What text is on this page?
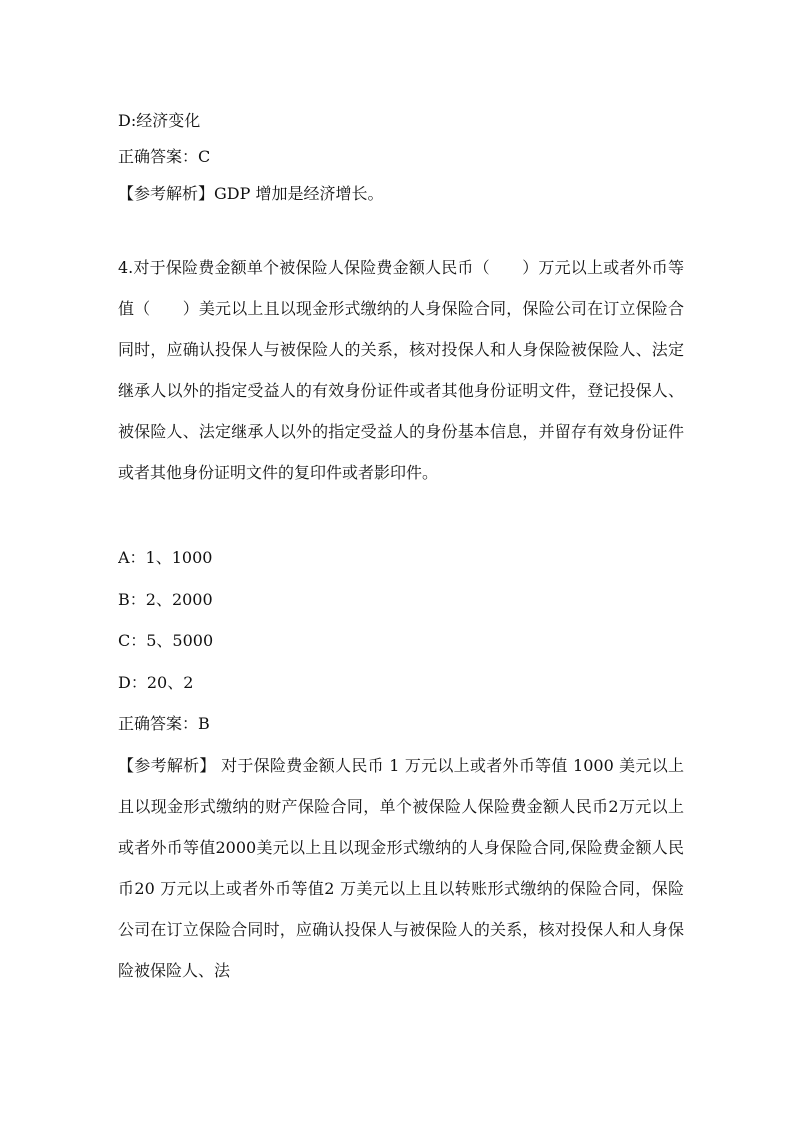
D:经济变化
正确答案：C
【参考解析】GDP 增加是经济增长。
4.对于保险费金额单个被保险人保险费金额人民币（　　）万元以上或者外币等值（　　）美元以上且以现金形式缴纳的人身保险合同，保险公司在订立保险合同时，应确认投保人与被保险人的关系，核对投保人和人身保险被保险人、法定继承人以外的指定受益人的有效身份证件或者其他身份证明文件，登记投保人、被保险人、法定继承人以外的指定受益人的身份基本信息，并留存有效身份证件或者其他身份证明文件的复印件或者影印件。
A：1、1000
B：2、2000
C：5、5000
D：20、2
正确答案：B
【参考解析】 对于保险费金额人民币 1 万元以上或者外币等值 1000 美元以上且以现金形式缴纳的财产保险合同，单个被保险人保险费金额人民币2万元以上或者外币等值2000美元以上且以现金形式缴纳的人身保险合同,保险费金额人民币20 万元以上或者外币等值2 万美元以上且以转账形式缴纳的保险合同，保险公司在订立保险合同时，应确认投保人与被保险人的关系，核对投保人和人身保险被保险人、法
